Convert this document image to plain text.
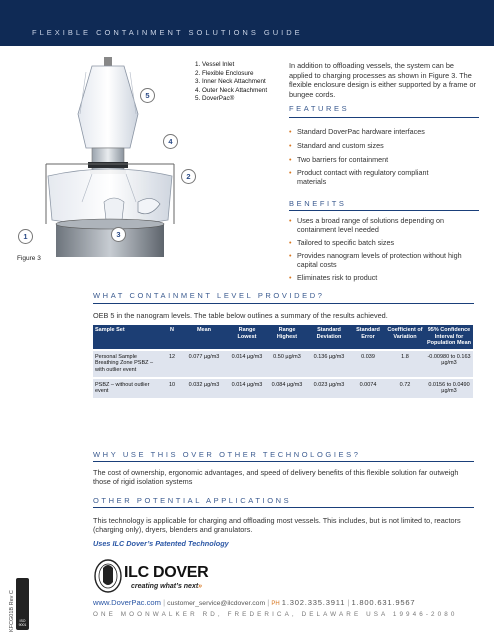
FLEXIBLE CONTAINMENT SOLUTIONS GUIDE
5
4
2
3
1
Figure 3
1. Vessel Inlet
2. Flexible Enclosure
3. Inner Neck Attachment
4. Outer Neck Attachment
5. DoverPac®
In addition to offloading vessels, the system can be applied to charging processes as shown in Figure 3. The flexible enclosure design is either supported by a frame or bungee cords.
FEATURES
• Standard DoverPac hardware interfaces
• Standard and custom sizes
• Two barriers for containment
• Product contact with regulatory compliant materials
BENEFITS
• Uses a broad range of solutions depending on containment level needed
• Tailored to specific batch sizes
• Provides nanogram levels of protection without high capital costs
• Eliminates risk to product
WHAT CONTAINMENT LEVEL PROVIDED?
OEB 5 in the nanogram levels. The table below outlines a summary of the results achieved.
Sample Set	N	Mean	Range Lowest	Range Highest	Standard Deviation	Standard Error	Coefficient of Variation	95% Confidence Interval for Population Mean

Personal Sample Breathing Zone PSBZ – with outlier event	12	0.077 µg/m3	0.014 µg/m3	0.50 µg/m3	0.136 µg/m3	0.039	1.8	-0.00980 to 0.163 µg/m3

PSBZ – without outlier event	10	0.032 µg/m3	0.014 µg/m3	0.084 µg/m3	0.023 µg/m3	0.0074	0.72	0.0156 to 0.0490 µg/m3
WHY USE THIS OVER OTHER TECHNOLOGIES?
The cost of ownership, ergonomic advantages, and speed of delivery benefits of this flexible solution far outweigh those of rigid isolation systems
OTHER POTENTIAL APPLICATIONS
This technology is applicable for charging and offloading most vessels. This includes, but is not limited to, reactors (charging only), dryers, blenders and granulators.
Uses ILC Dover’s Patented Technology
KFCG01B Rev C	ISO 9001
ILC DOVER
creating what’s next»
www.DoverPac.com | customer_service@ilcdover.com | PH 1.302.335.3911 | 1.800.631.9567
ONE MOONWALKER RD, FREDERICA, DELAWARE USA 19946-2080
